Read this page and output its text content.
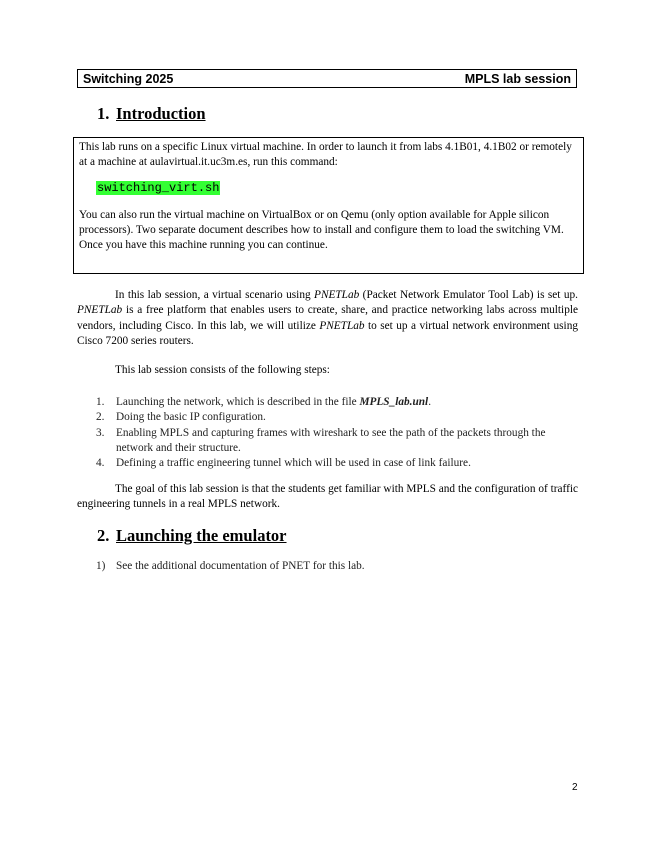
Switching 2025	MPLS lab session
1. Introduction

This lab runs on a specific Linux virtual machine. In order to launch it from labs 4.1B01, 4.1B02 or remotely at a machine at aulavirtual.it.uc3m.es, run this command:

switching_virt.sh

You can also run the virtual machine on VirtualBox or on Qemu (only option available for Apple silicon processors). Two separate document describes how to install and configure them to load the switching VM.

Once you have this machine running you can continue.

In this lab session, a virtual scenario using PNETLab (Packet Network Emulator Tool Lab) is set up. PNETLab is a free platform that enables users to create, share, and practice networking labs across multiple vendors, including Cisco. In this lab, we will utilize PNETLab to set up a virtual network environment using Cisco 7200 series routers.

This lab session consists of the following steps:

1. Launching the network, which is described in the file MPLS_lab.unl.
2. Doing the basic IP configuration.
3. Enabling MPLS and capturing frames with wireshark to see the path of the packets through the network and their structure.
4. Defining a traffic engineering tunnel which will be used in case of link failure.

The goal of this lab session is that the students get familiar with MPLS and the configuration of traffic engineering tunnels in a real MPLS network.

2. Launching the emulator
1) See the additional documentation of PNET for this lab.
2
